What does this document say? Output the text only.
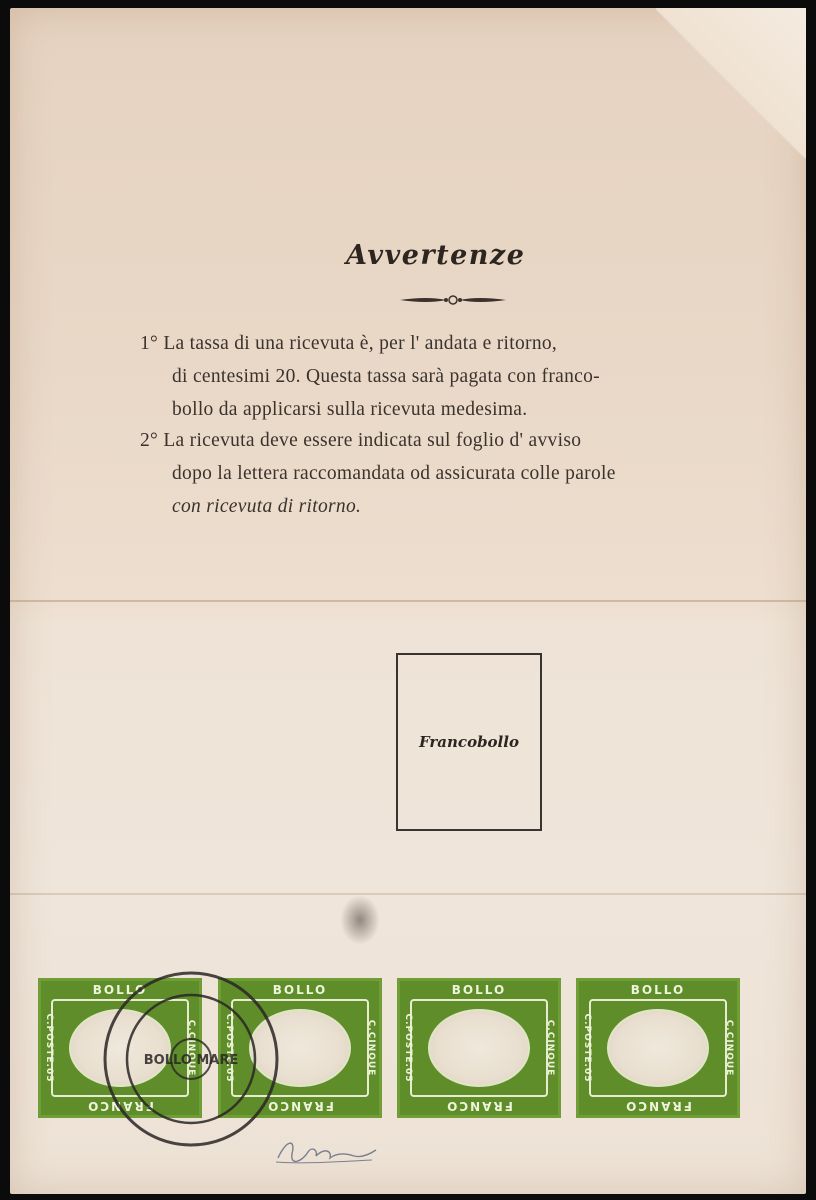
Avvertenze
1° La tassa di una ricevuta è, per l' andata e ritorno,
di centesimi 20. Questa tassa sarà pagata con franco-
bollo da applicarsi sulla ricevuta medesima.
2° La ricevuta deve essere indicata sul foglio d' avviso
dopo la lettera raccomandata od assicurata colle parole
con ricevuta di ritorno.
Francobollo
BOLLO
FRANCO
C.POSTE.05	C.CINQUE
BOLLO
FRANCO
C.POSTE.05	C.CINQUE
BOLLO
FRANCO
C.POSTE.05	C.CINQUE
BOLLO
FRANCO
C.POSTE.05	C.CINQUE
BOLLO MARE
